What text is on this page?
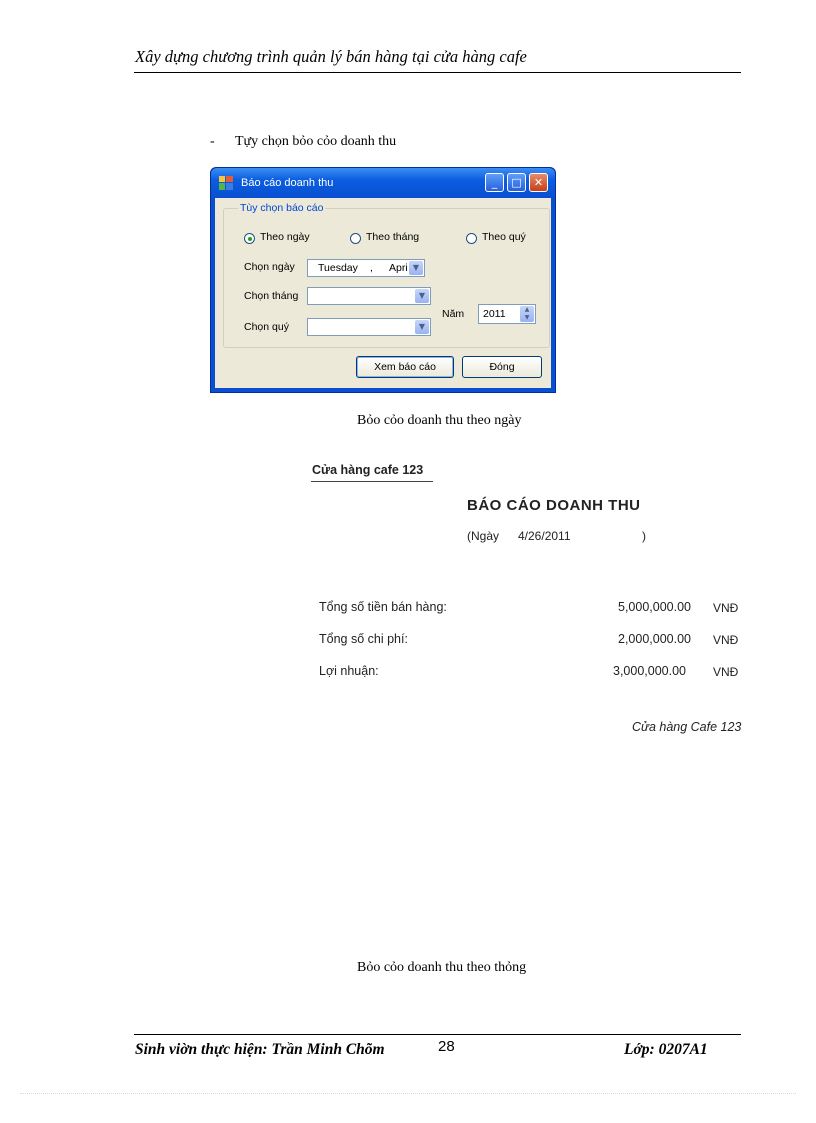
Xây dựng chương trình quản lý bán hàng tại cửa hàng cafe
- Tựy chọn bỏo cỏo doanh thu
Báo cáo doanh thu	_	□	✕
Tùy chọn báo cáo
Theo ngày	Theo tháng	Theo quý
Chọn ngày Tuesday , Apri ▼
Chọn tháng	▼
Chọn quý	▼
Năm 2011	▲
▼
Xem báo cáo	Đóng
Bỏo cỏo doanh thu theo ngày
Cửa hàng cafe 123
BÁO CÁO DOANH THU
(Ngày 4/26/2011	)
Tổng số tiền bán hàng:	5,000,000.00 VNĐ
Tổng số chi phí:	2,000,000.00 VNĐ
Lợi nhuận:	3,000,000.00 VNĐ
Cửa hàng Cafe 123
Bỏo cỏo doanh thu theo thỏng
Sinh viờn thực hiện: Trần Minh Chõm	28	Lớp: 0207A1
